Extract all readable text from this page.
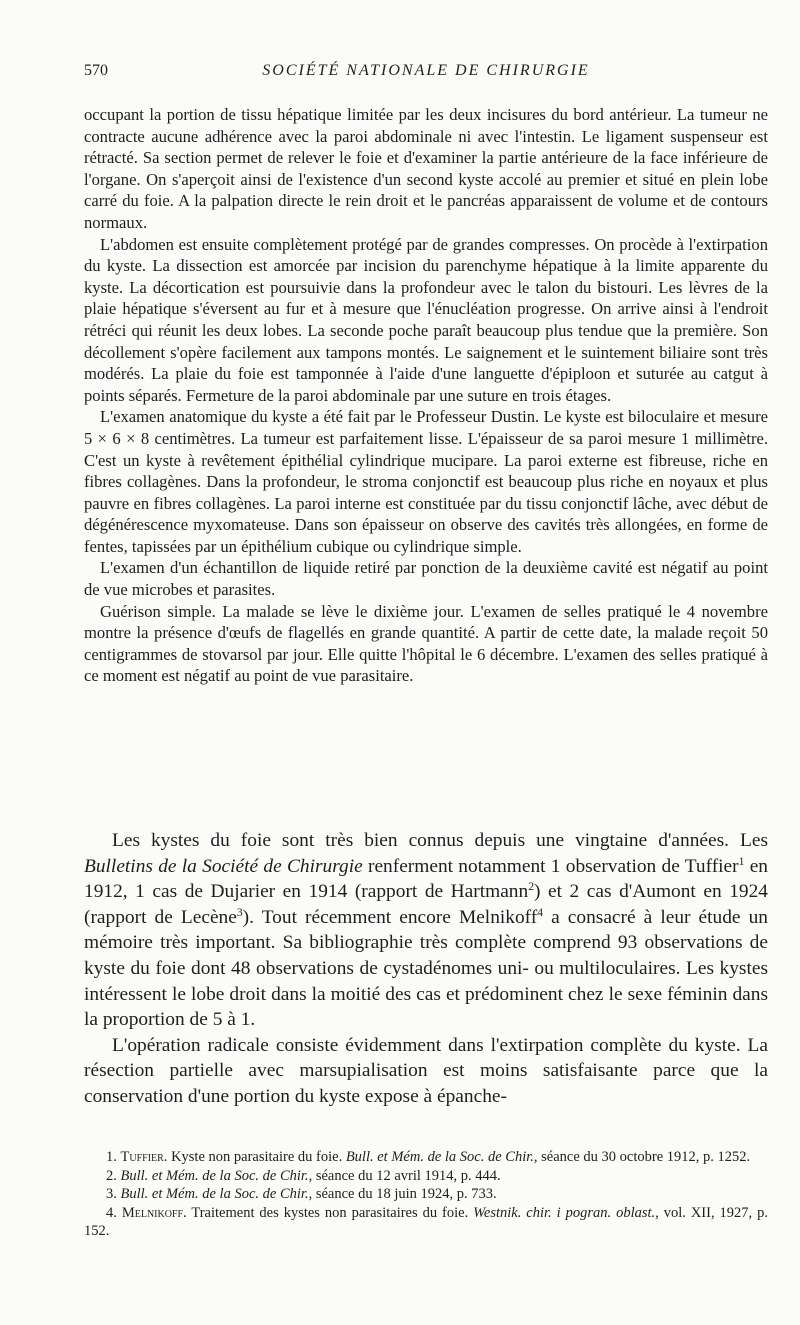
570	SOCIÉTÉ NATIONALE DE CHIRURGIE

occupant la portion de tissu hépatique limitée par les deux incisures du bord antérieur. La tumeur ne contracte aucune adhérence avec la paroi abdominale ni avec l'intestin. Le ligament suspenseur est rétracté. Sa section permet de relever le foie et d'examiner la partie antérieure de la face inférieure de l'organe. On s'aperçoit ainsi de l'existence d'un second kyste accolé au premier et situé en plein lobe carré du foie. A la palpation directe le rein droit et le pancréas apparaissent de volume et de contours normaux.

L'abdomen est ensuite complètement protégé par de grandes compresses. On procède à l'extirpation du kyste. La dissection est amorcée par incision du parenchyme hépatique à la limite apparente du kyste. La décortication est poursuivie dans la profondeur avec le talon du bistouri. Les lèvres de la plaie hépatique s'éversent au fur et à mesure que l'énucléation progresse. On arrive ainsi à l'endroit rétréci qui réunit les deux lobes. La seconde poche paraît beaucoup plus tendue que la première. Son décollement s'opère facilement aux tampons montés. Le saignement et le suintement biliaire sont très modérés. La plaie du foie est tamponnée à l'aide d'une languette d'épiploon et suturée au catgut à points séparés. Fermeture de la paroi abdominale par une suture en trois étages.

L'examen anatomique du kyste a été fait par le Professeur Dustin. Le kyste est biloculaire et mesure 5 × 6 × 8 centimètres. La tumeur est parfaitement lisse. L'épaisseur de sa paroi mesure 1 millimètre. C'est un kyste à revêtement épithélial cylindrique mucipare. La paroi externe est fibreuse, riche en fibres collagènes. Dans la profondeur, le stroma conjonctif est beaucoup plus riche en noyaux et plus pauvre en fibres collagènes. La paroi interne est constituée par du tissu conjonctif lâche, avec début de dégénérescence myxomateuse. Dans son épaisseur on observe des cavités très allongées, en forme de fentes, tapissées par un épithélium cubique ou cylindrique simple.

L'examen d'un échantillon de liquide retiré par ponction de la deuxième cavité est négatif au point de vue microbes et parasites.

Guérison simple. La malade se lève le dixième jour. L'examen de selles pratiqué le 4 novembre montre la présence d'œufs de flagellés en grande quantité. A partir de cette date, la malade reçoit 50 centigrammes de stovarsol par jour. Elle quitte l'hôpital le 6 décembre. L'examen des selles pratiqué à ce moment est négatif au point de vue parasitaire.

Les kystes du foie sont très bien connus depuis une vingtaine d'années. Les Bulletins de la Société de Chirurgie renferment notamment 1 observation de Tuffier$^1$ en 1912, 1 cas de Dujarier en 1914 (rapport de Hartmann$^2$) et 2 cas d'Aumont en 1924 (rapport de Lecène$^3$). Tout récemment encore Melnikoff$^4$ a consacré à leur étude un mémoire très important. Sa bibliographie très complète comprend 93 observations de kyste du foie dont 48 observations de cystadénomes uni- ou multiloculaires. Les kystes intéressent le lobe droit dans la moitié des cas et prédominent chez le sexe féminin dans la proportion de 5 à 1.

L'opération radicale consiste évidemment dans l'extirpation complète du kyste. La résection partielle avec marsupialisation est moins satisfaisante parce que la conservation d'une portion du kyste expose à épanche-

1. Tuffier. Kyste non parasitaire du foie. Bull. et Mém. de la Soc. de Chir., séance du 30 octobre 1912, p. 1252.

2. Bull. et Mém. de la Soc. de Chir., séance du 12 avril 1914, p. 444.

3. Bull. et Mém. de la Soc. de Chir., séance du 18 juin 1924, p. 733.

4. Melnikoff. Traitement des kystes non parasitaires du foie. Westnik. chir. i pogran. oblast., vol. XII, 1927, p. 152.
